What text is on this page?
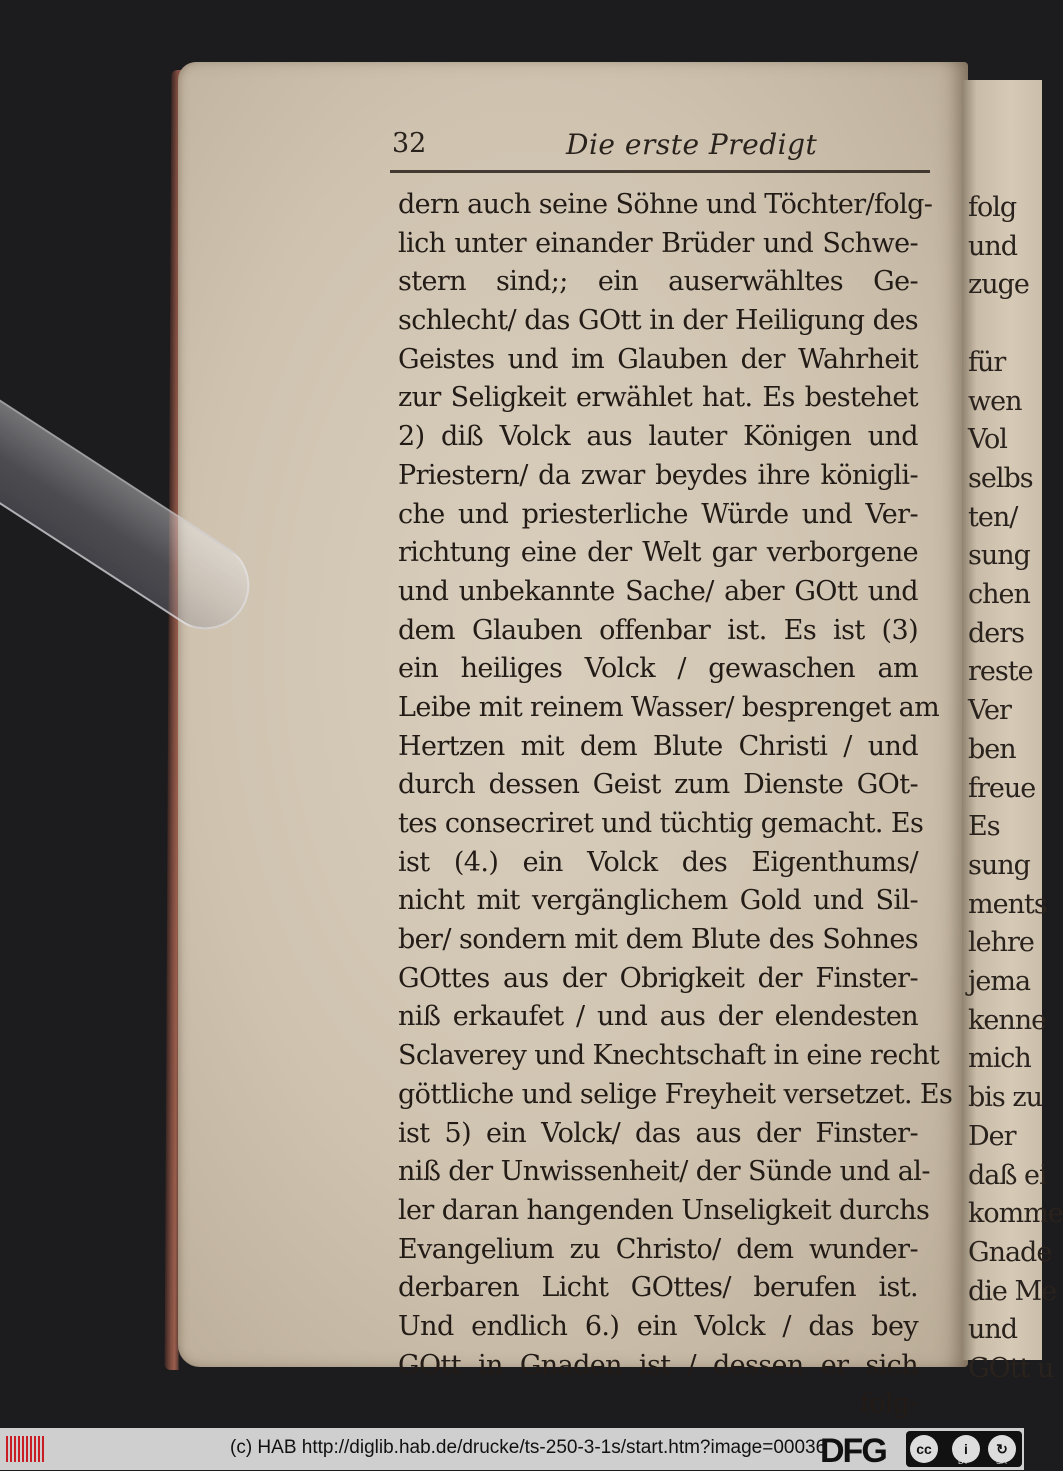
folg
und
zuge
für
wen
Vol
selbs
ten/
sung
chen
ders
reste
Ver
ben
freue
Es
sung
ments
lehre
jema
kenne
mich
bis zu
Der
daß ei
komme
Gnade
die Me
und
GOtt u
32	Die erste Predigt
dern auch seine Söhne und Töchter/folg-
lich unter einander Brüder und Schwe-
stern sind;; ein auserwähltes Ge-
schlecht/ das GOtt in der Heiligung des
Geistes und im Glauben der Wahrheit
zur Seligkeit erwählet hat. Es bestehet
2) diß Volck aus lauter Königen und
Priestern/ da zwar beydes ihre königli-
che und priesterliche Würde und Ver-
richtung eine der Welt gar verborgene
und unbekannte Sache/ aber GOtt und
dem Glauben offenbar ist. Es ist (3)
ein heiliges Volck / gewaschen am
Leibe mit reinem Wasser/ besprenget am
Hertzen mit dem Blute Christi / und
durch dessen Geist zum Dienste GOt-
tes consecriret und tüchtig gemacht. Es
ist (4.) ein Volck des Eigenthums/
nicht mit vergänglichem Gold und Sil-
ber/ sondern mit dem Blute des Sohnes
GOttes aus der Obrigkeit der Finster-
niß erkaufet / und aus der elendesten
Sclaverey und Knechtschaft in eine recht
göttliche und selige Freyheit versetzet. Es
ist 5) ein Volck/ das aus der Finster-
niß der Unwissenheit/ der Sünde und al-
ler daran hangenden Unseligkeit durchs
Evangelium zu Christo/ dem wunder-
derbaren Licht GOttes/ berufen ist.
Und endlich 6.) ein Volck / das bey
GOtt in Gnaden ist / dessen er sich
folg-
(c) HAB http://diglib.hab.de/drucke/ts-250-3-1s/start.htm?image=00036
DFG	cc	i	↻
BY	SA
